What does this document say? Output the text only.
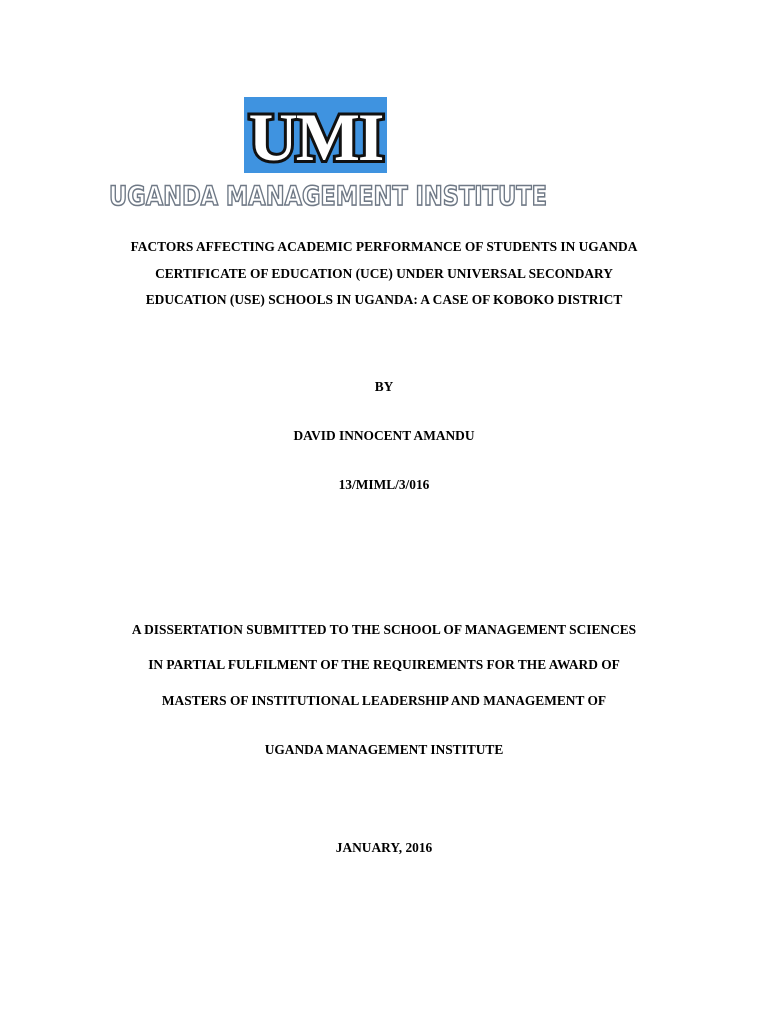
UMI
UGANDA MANAGEMENT INSTITUTE
FACTORS AFFECTING ACADEMIC PERFORMANCE OF STUDENTS IN UGANDA
CERTIFICATE OF EDUCATION (UCE) UNDER UNIVERSAL SECONDARY
EDUCATION (USE) SCHOOLS IN UGANDA: A CASE OF KOBOKO DISTRICT
BY
DAVID INNOCENT AMANDU
13/MIML/3/016
A DISSERTATION SUBMITTED TO THE SCHOOL OF MANAGEMENT SCIENCES
IN PARTIAL FULFILMENT OF THE REQUIREMENTS FOR THE AWARD OF
MASTERS OF INSTITUTIONAL LEADERSHIP AND MANAGEMENT OF
UGANDA MANAGEMENT INSTITUTE
JANUARY, 2016
